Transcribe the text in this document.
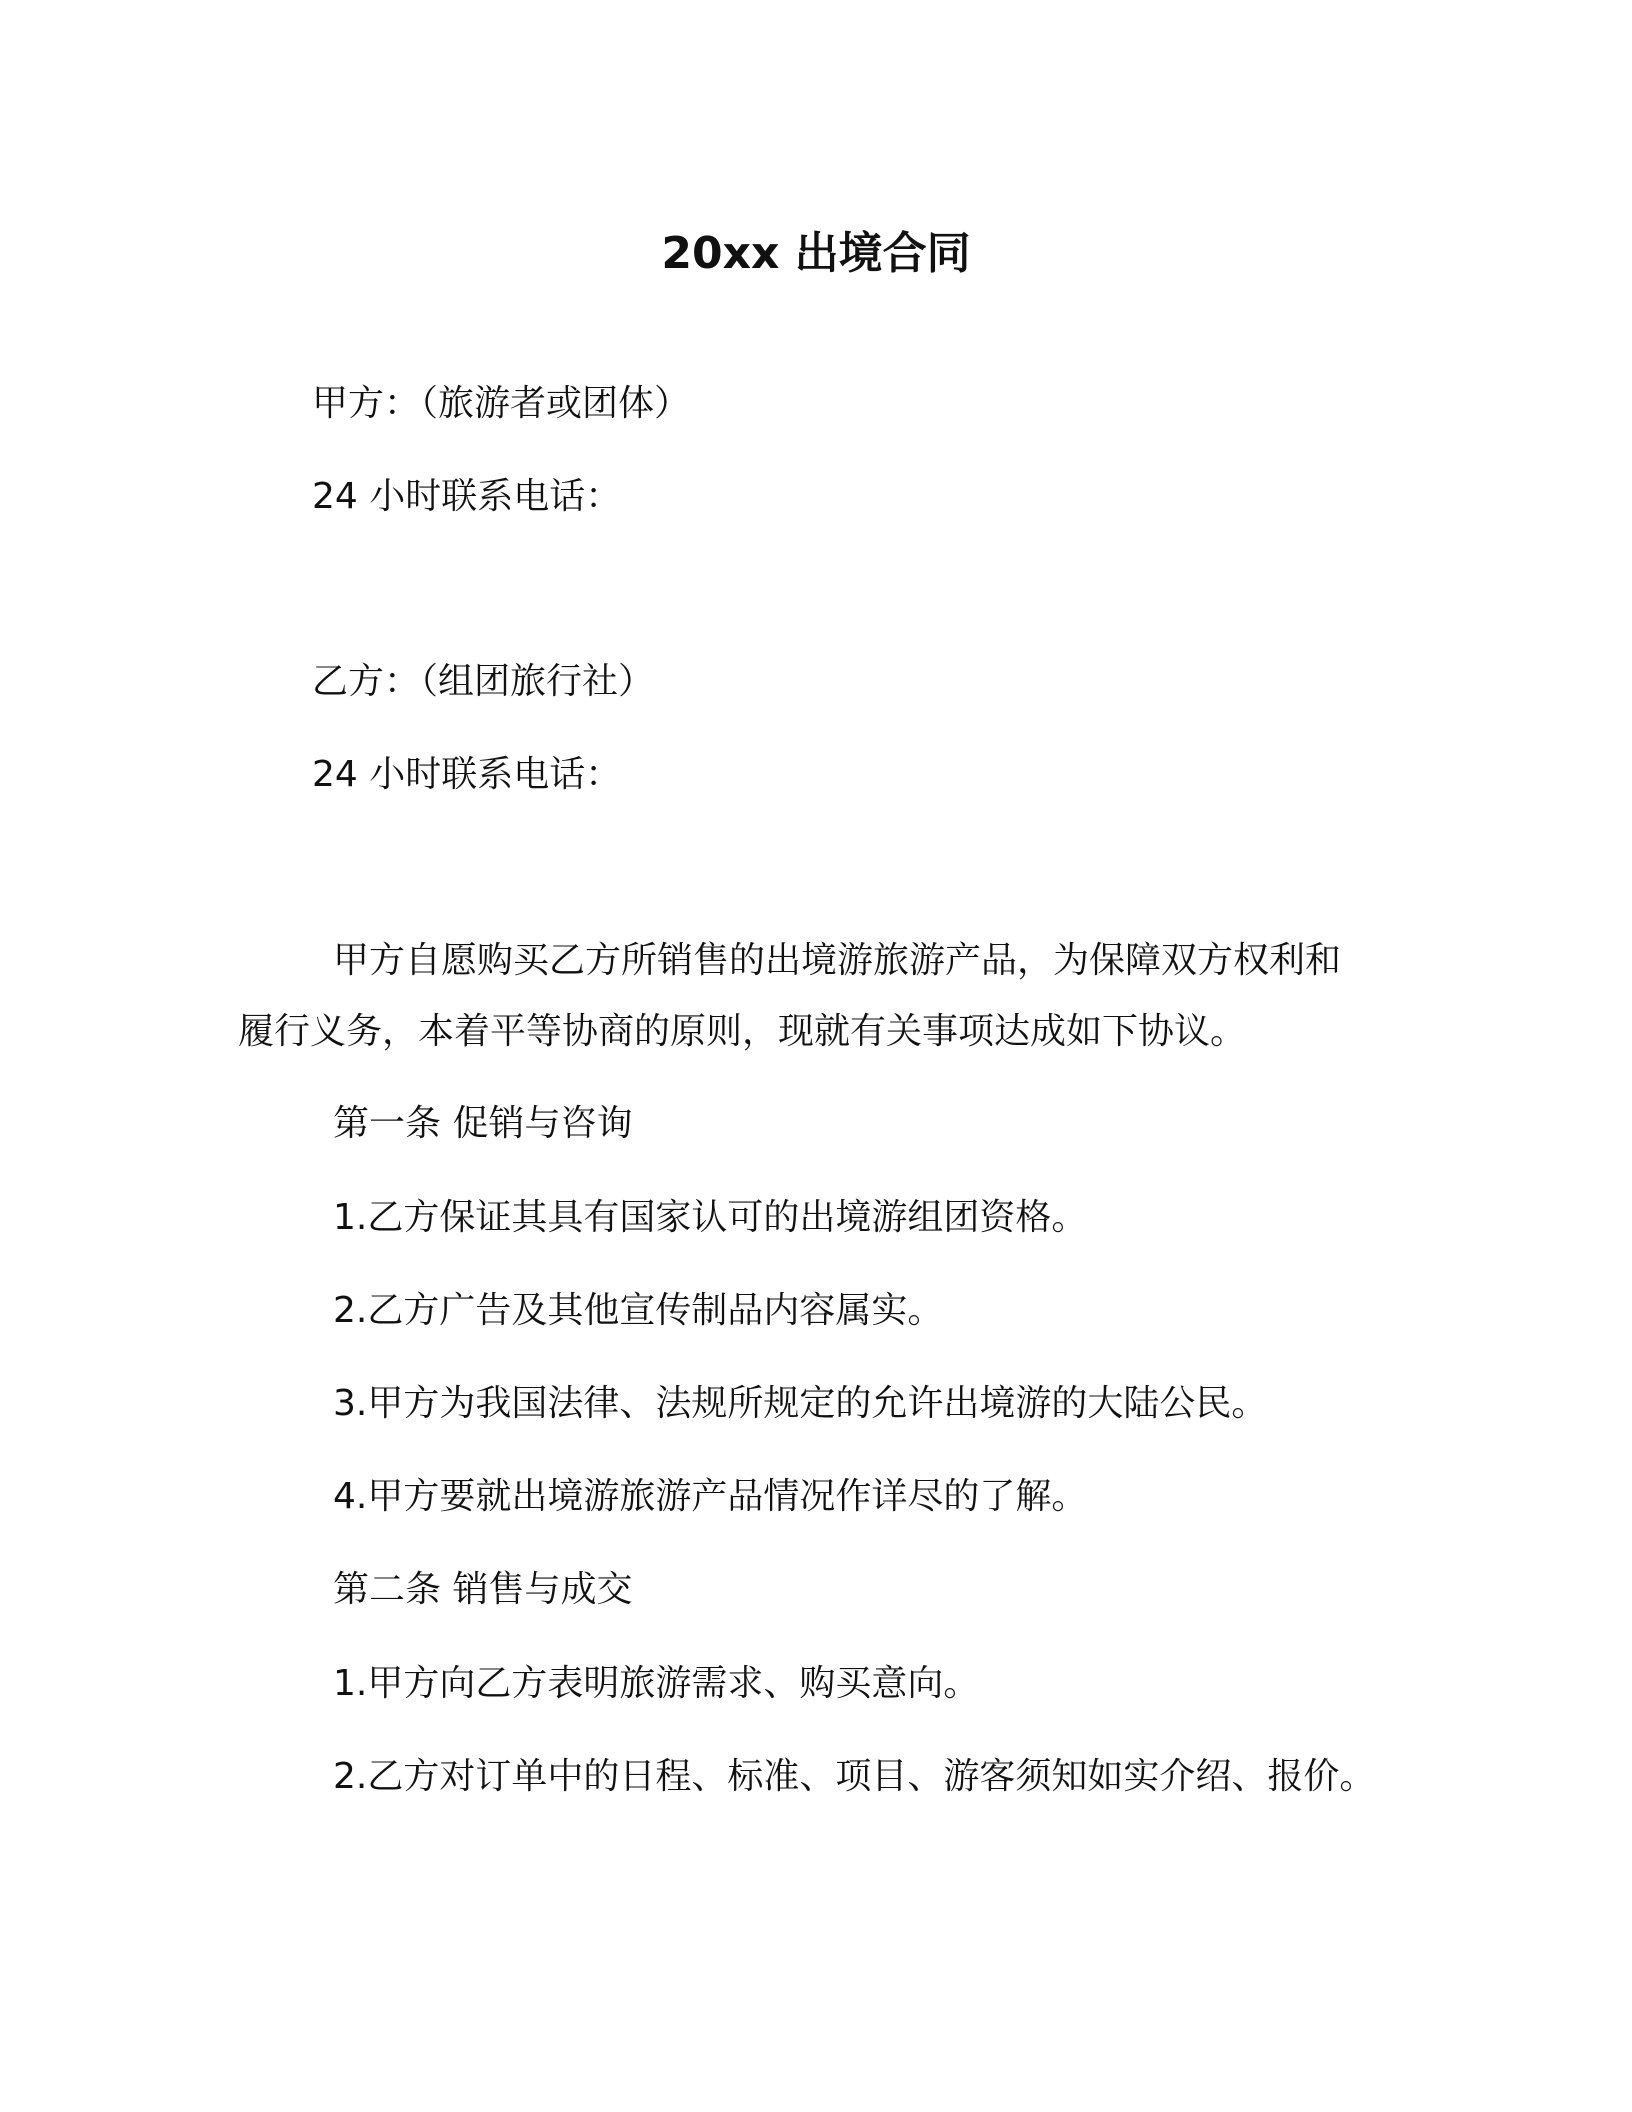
20xx 出境合同
甲方：（旅游者或团体）
24 小时联系电话：
乙方：（组团旅行社）
24 小时联系电话：
甲方自愿购买乙方所销售的出境游旅游产品，为保障双方权利和
履行义务，本着平等协商的原则，现就有关事项达成如下协议。
第一条 促销与咨询
1.乙方保证其具有国家认可的出境游组团资格。
2.乙方广告及其他宣传制品内容属实。
3.甲方为我国法律、法规所规定的允许出境游的大陆公民。
4.甲方要就出境游旅游产品情况作详尽的了解。
第二条 销售与成交
1.甲方向乙方表明旅游需求、购买意向。
2.乙方对订单中的日程、标准、项目、游客须知如实介绍、报价。
